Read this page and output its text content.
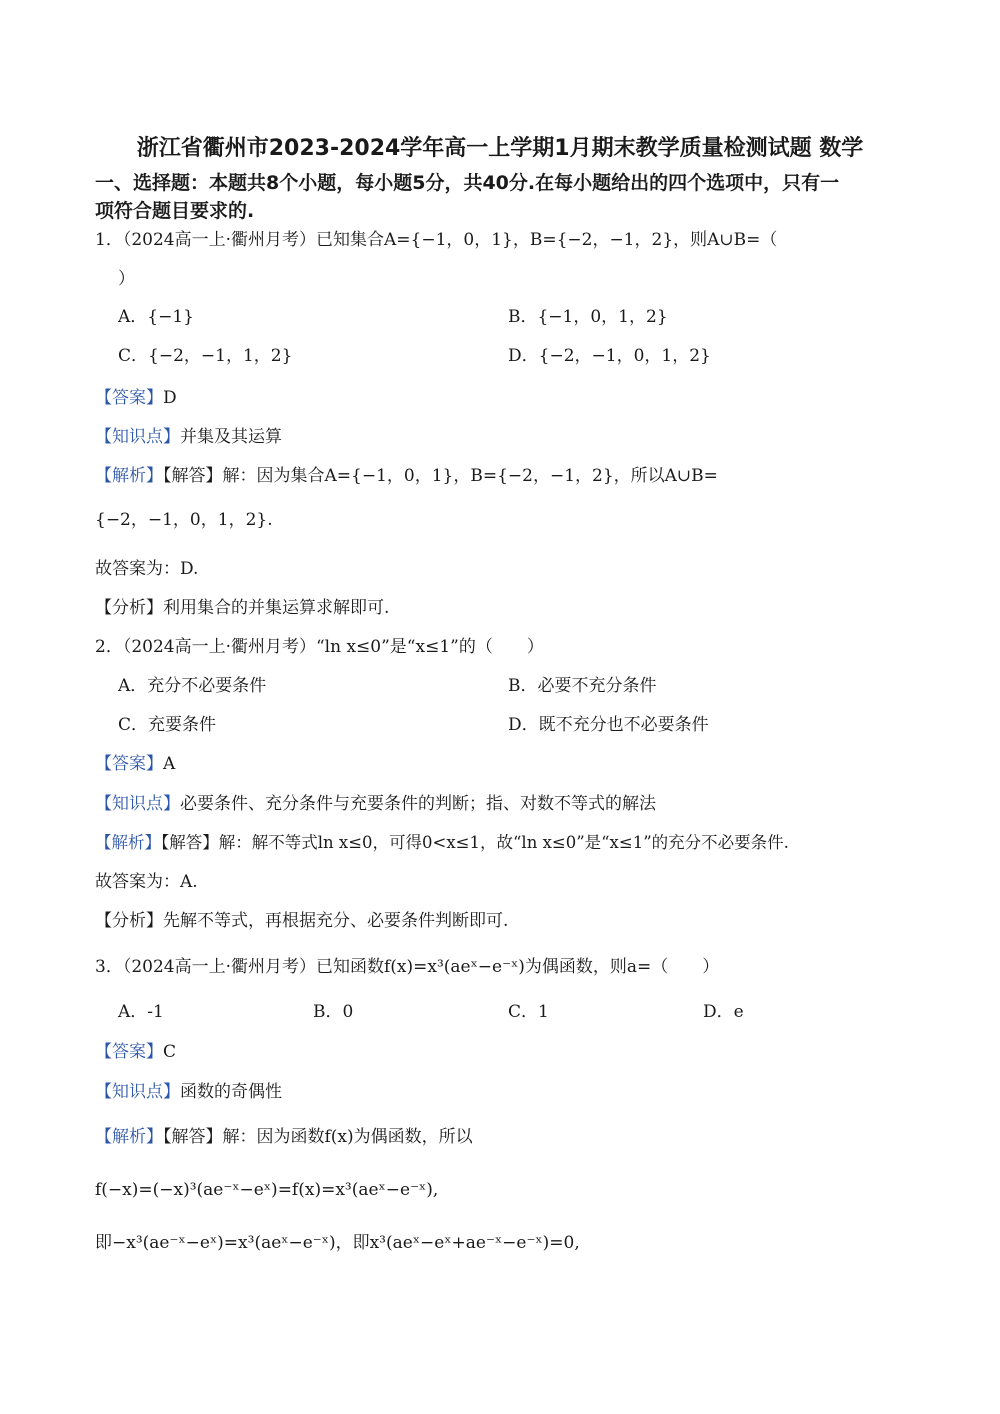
浙江省衢州市2023-2024学年高一上学期1月期末教学质量检测试题 数学
一、选择题：本题共8个小题，每小题5分，共40分.在每小题给出的四个选项中，只有一
项符合题目要求的.
1．（2024高一上·衢州月考）已知集合A={−1，0，1}，B={−2，−1，2}，则A∪B=（
）
A．{−1}	B．{−1，0，1，2}
C．{−2，−1，1，2}	D．{−2，−1，0，1，2}
【答案】D
【知识点】并集及其运算
【解析】【解答】解：因为集合A={−1，0，1}，B={−2，−1，2}，所以A∪B=
{−2，−1，0，1，2}.
故答案为：D.
【分析】利用集合的并集运算求解即可.
2．（2024高一上·衢州月考）“ln x≤0”是“x≤1”的（　　）
A．充分不必要条件	B．必要不充分条件
C．充要条件	D．既不充分也不必要条件
【答案】A
【知识点】必要条件、充分条件与充要条件的判断；指、对数不等式的解法
【解析】【解答】解：解不等式ln x≤0，可得0<x≤1，故“ln x≤0”是“x≤1”的充分不必要条件.
故答案为：A.
【分析】先解不等式，再根据充分、必要条件判断即可.
3．（2024高一上·衢州月考）已知函数f(x)=x³(aeˣ−e⁻ˣ)为偶函数，则a=（　　）
A．-1	B．0	C．1	D．e
【答案】C
【知识点】函数的奇偶性
【解析】【解答】解：因为函数f(x)为偶函数，所以
f(−x)=(−x)³(ae⁻ˣ−eˣ)=f(x)=x³(aeˣ−e⁻ˣ),
即−x³(ae⁻ˣ−eˣ)=x³(aeˣ−e⁻ˣ)，即x³(aeˣ−eˣ+ae⁻ˣ−e⁻ˣ)=0,
